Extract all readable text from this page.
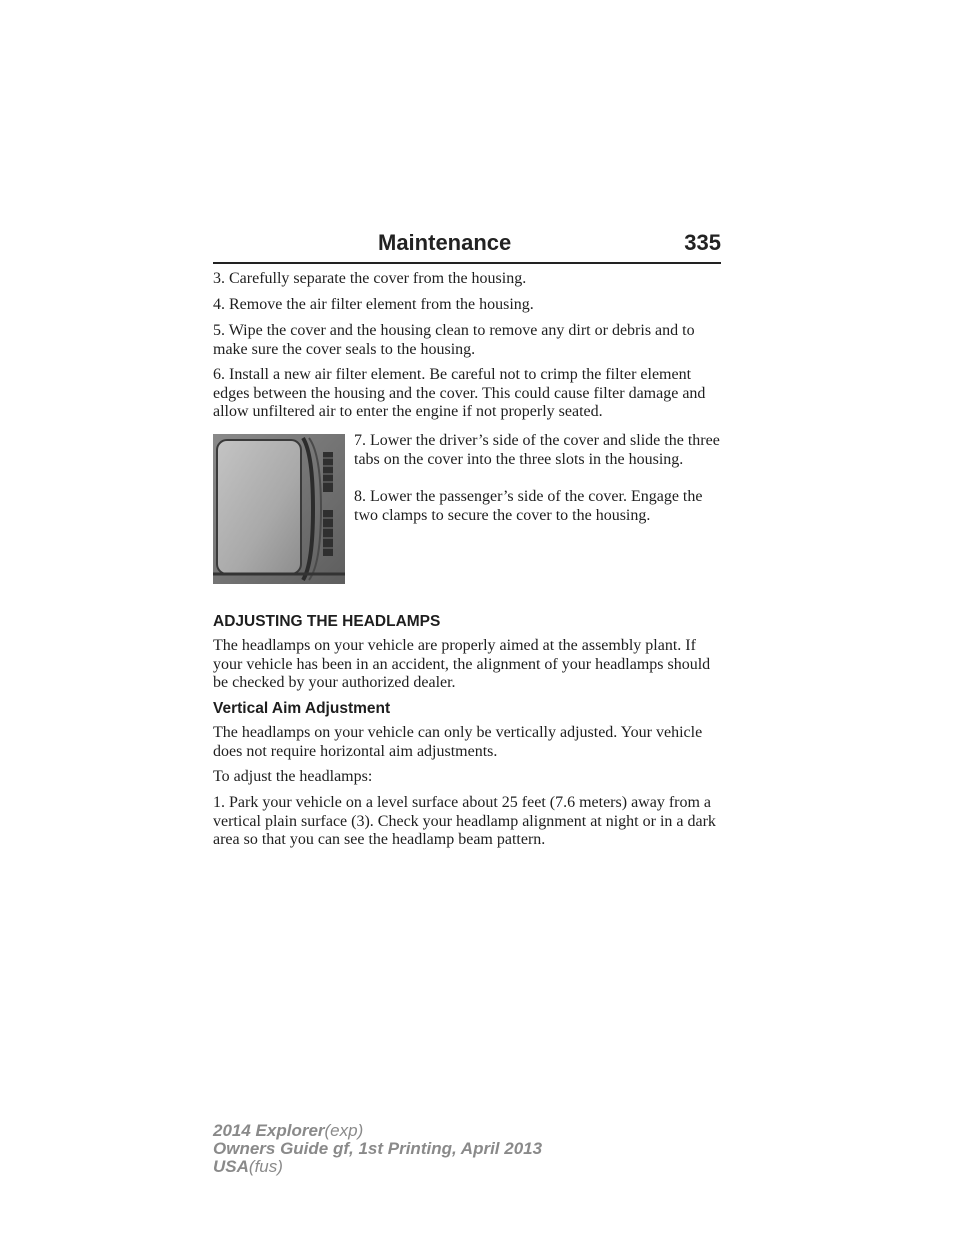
Maintenance	335

3. Carefully separate the cover from the housing.

4. Remove the air filter element from the housing.

5. Wipe the cover and the housing clean to remove any dirt or debris and to make sure the cover seals to the housing.

6. Install a new air filter element. Be careful not to crimp the filter element edges between the housing and the cover. This could cause filter damage and allow unfiltered air to enter the engine if not properly seated.

7. Lower the driver’s side of the cover and slide the three tabs on the cover into the three slots in the housing.

8. Lower the passenger’s side of the cover. Engage the two clamps to secure the cover to the housing.

ADJUSTING THE HEADLAMPS

The headlamps on your vehicle are properly aimed at the assembly plant. If your vehicle has been in an accident, the alignment of your headlamps should be checked by your authorized dealer.

Vertical Aim Adjustment

The headlamps on your vehicle can only be vertically adjusted. Your vehicle does not require horizontal aim adjustments.

To adjust the headlamps:

1. Park your vehicle on a level surface about 25 feet (7.6 meters) away from a vertical plain surface (3). Check your headlamp alignment at night or in a dark area so that you can see the headlamp beam pattern.

2014 Explorer(exp)
Owners Guide gf, 1st Printing, April 2013
USA(fus)
